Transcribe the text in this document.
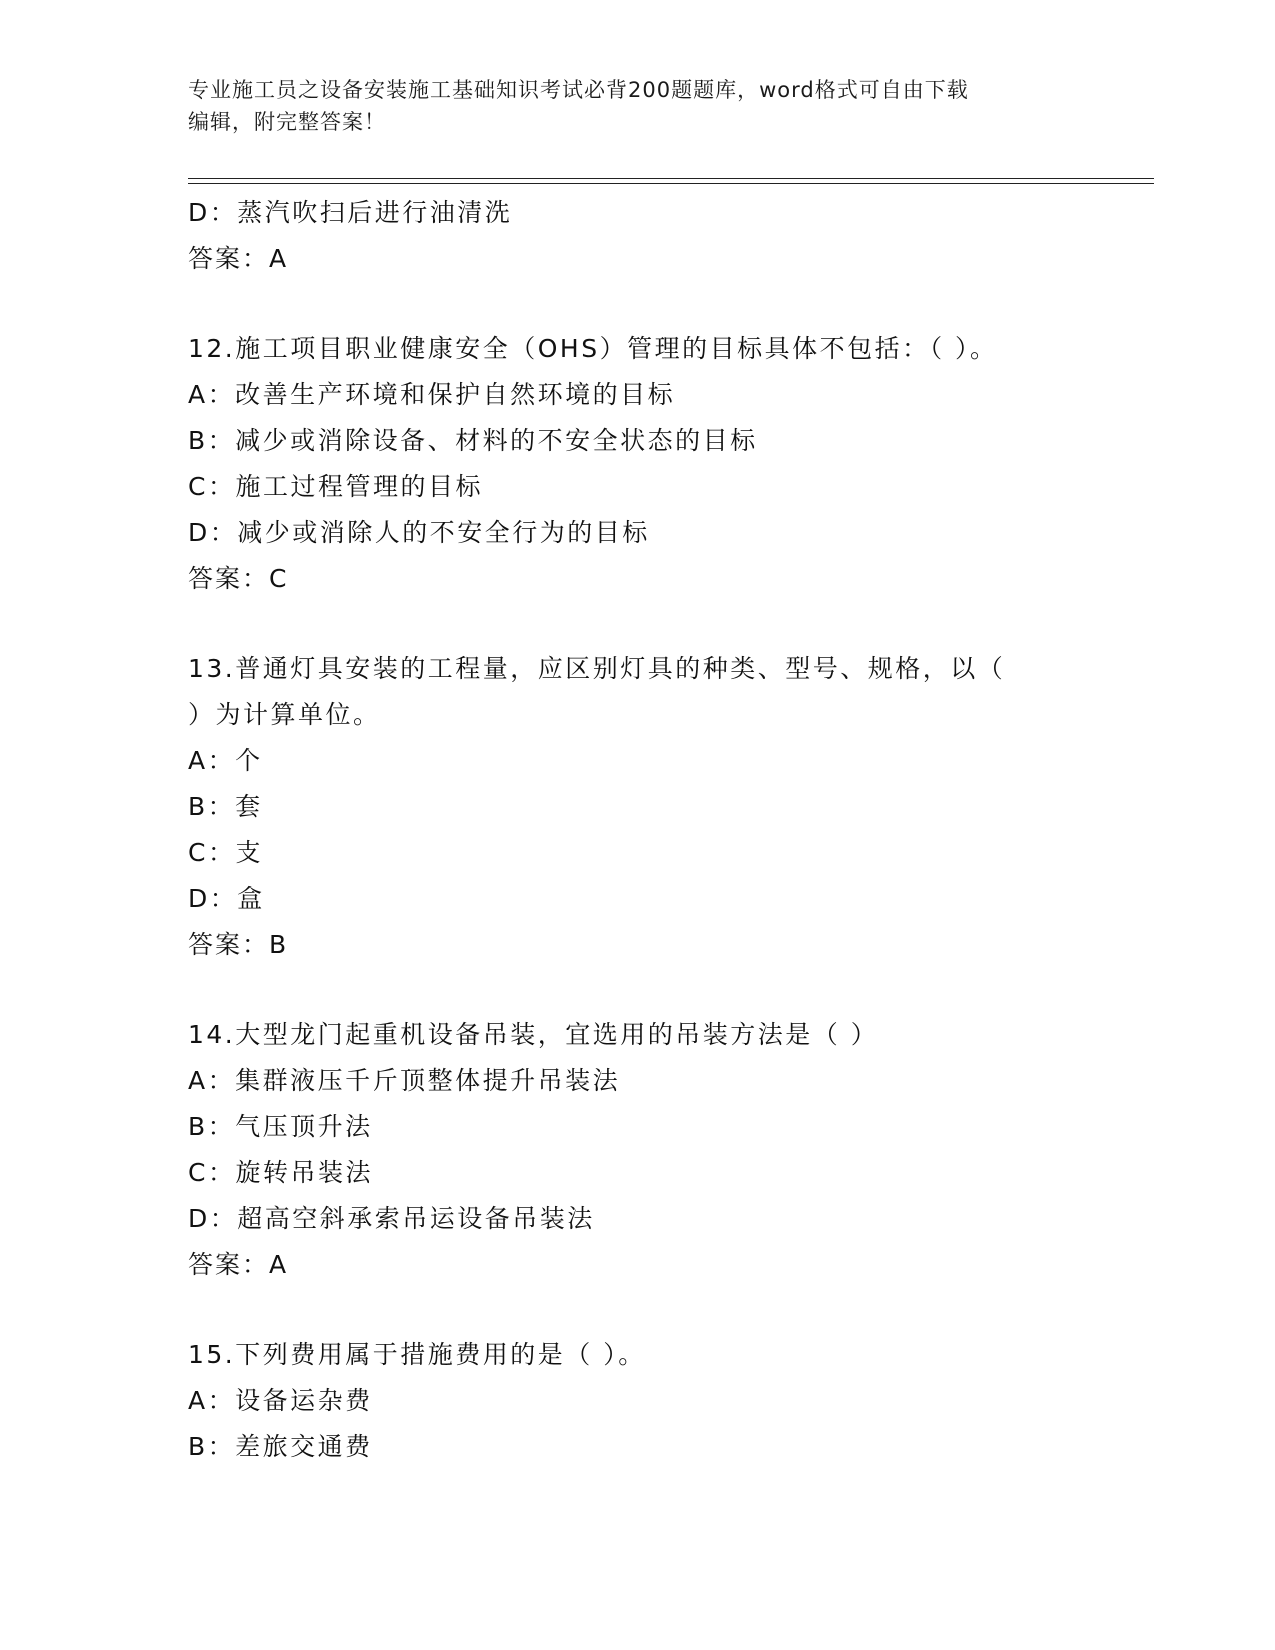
专业施工员之设备安装施工基础知识考试必背200题题库，word格式可自由下载
编辑，附完整答案！
D：蒸汽吹扫后进行油清洗
答案：A
12.施工项目职业健康安全（OHS）管理的目标具体不包括：（ ）。
A：改善生产环境和保护自然环境的目标
B：减少或消除设备、材料的不安全状态的目标
C：施工过程管理的目标
D：减少或消除人的不安全行为的目标
答案：C
13.普通灯具安装的工程量，应区别灯具的种类、型号、规格，以（
）为计算单位。
A：个
B：套
C：支
D：盒
答案：B
14.大型龙门起重机设备吊装，宜选用的吊装方法是（ ）
A：集群液压千斤顶整体提升吊装法
B：气压顶升法
C：旋转吊装法
D：超高空斜承索吊运设备吊装法
答案：A
15.下列费用属于措施费用的是（ ）。
A：设备运杂费
B：差旅交通费
